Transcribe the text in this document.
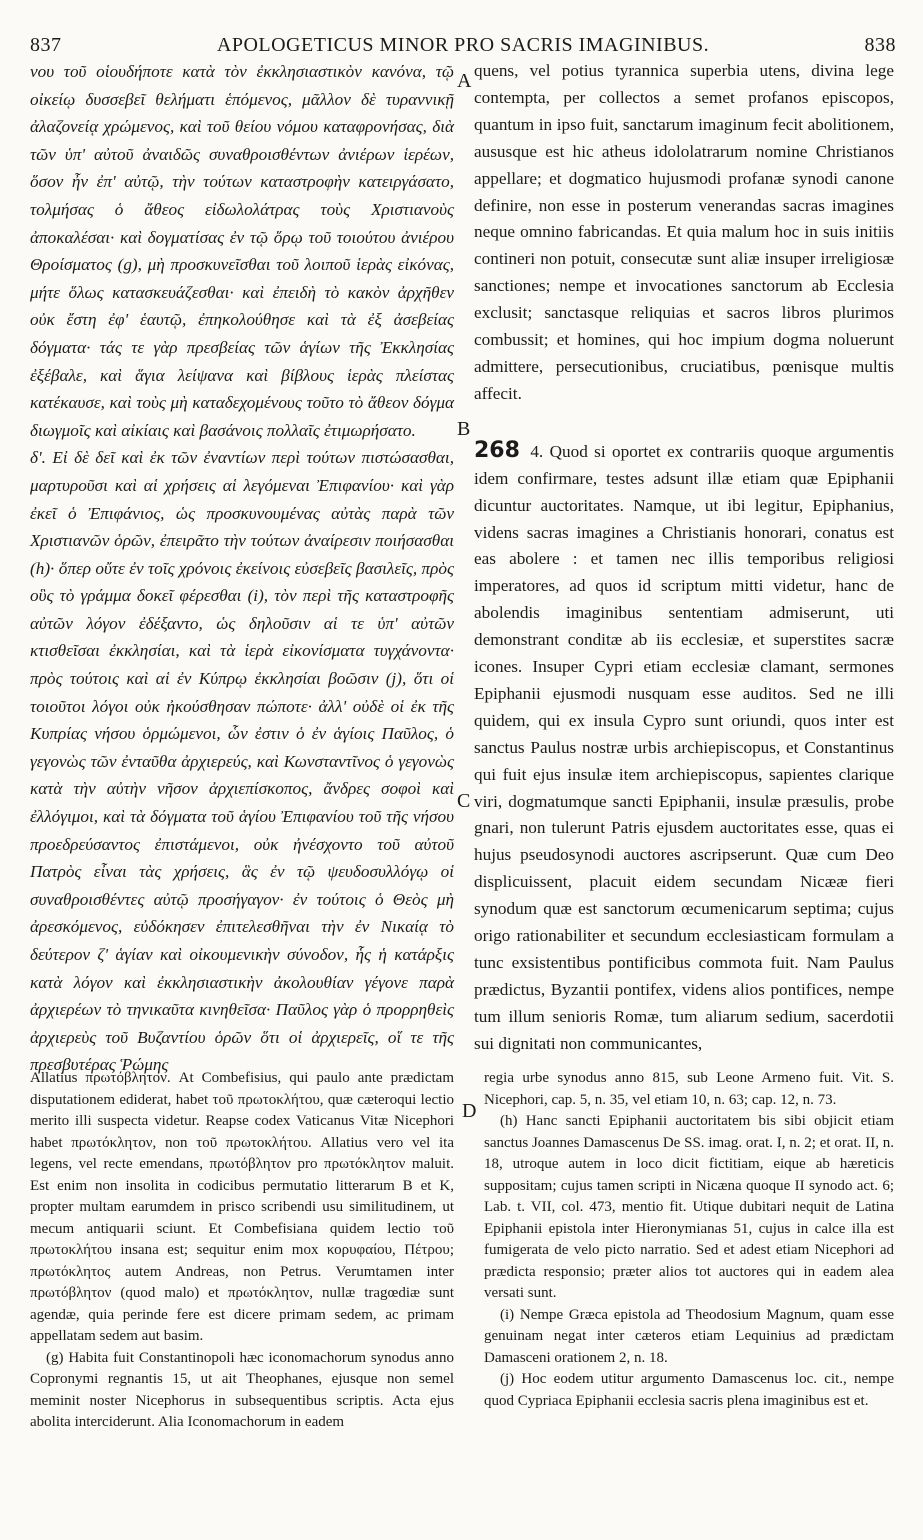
837	APOLOGETICUS MINOR PRO SACRIS IMAGINIBUS.	838

νου τοῦ οἱουδήποτε κατὰ τὸν ἐκκλησιαστικὸν κανόνα, τῷ οἰκείῳ δυσσεβεῖ θελήματι ἑπόμενος, μᾶλλον δὲ τυραννικῇ ἀλαζονείᾳ χρώμενος, καὶ τοῦ θείου νόμου καταφρονήσας, διὰ τῶν ὑπ' αὐτοῦ ἀναιδῶς συναθροισθέντων ἀνιέρων ἱερέων, ὅσον ἦν ἐπ' αὐτῷ, τὴν τούτων καταστροφὴν κατειργάσατο, τολμήσας ὁ ἄθεος εἰδωλολάτρας τοὺς Χριστιανοὺς ἀποκαλέσαι· καὶ δογματίσας ἐν τῷ ὅρῳ τοῦ τοιούτου ἀνιέρου Θροίσματος (g), μὴ προσκυνεῖσθαι τοῦ λοιποῦ ἱερὰς εἰκόνας, μήτε ὅλως κατασκευάζεσθαι· καὶ ἐπειδὴ τὸ κακὸν ἀρχῆθεν οὐκ ἔστη ἐφ' ἑαυτῷ, ἐπηκολούθησε καὶ τὰ ἐξ ἀσεβείας δόγματα· τάς τε γὰρ πρεσβείας τῶν ἁγίων τῆς Ἐκκλησίας ἐξέβαλε, καὶ ἅγια λείψανα καὶ βίβλους ἱερὰς πλείστας κατέκαυσε, καὶ τοὺς μὴ καταδεχομένους τοῦτο τὸ ἄθεον δόγμα διωγμοῖς καὶ αἰκίαις καὶ βασάνοις πολλαῖς ἐτιμωρήσατο.

δ'. Εἰ δὲ δεῖ καὶ ἐκ τῶν ἐναντίων περὶ τούτων πιστώσασθαι, μαρτυροῦσι καὶ αἱ χρήσεις αἱ λεγόμεναι Ἐπιφανίου· καὶ γὰρ ἐκεῖ ὁ Ἐπιφάνιος, ὡς προσκυνουμένας αὐτὰς παρὰ τῶν Χριστιανῶν ὁρῶν, ἐπειρᾶτο τὴν τούτων ἀναίρεσιν ποιήσασθαι (h)· ὅπερ οὔτε ἐν τοῖς χρόνοις ἐκείνοις εὐσεβεῖς βασιλεῖς, πρὸς οὓς τὸ γράμμα δοκεῖ φέρεσθαι (i), τὸν περὶ τῆς καταστροφῆς αὐτῶν λόγον ἐδέξαντο, ὡς δηλοῦσιν αἱ τε ὑπ' αὐτῶν κτισθεῖσαι ἐκκλησίαι, καὶ τὰ ἱερὰ εἰκονίσματα τυγχάνοντα· πρὸς τούτοις καὶ αἱ ἐν Κύπρῳ ἐκκλησίαι βοῶσιν (j), ὅτι οἱ τοιοῦτοι λόγοι οὐκ ἠκούσθησαν πώποτε· ἀλλ' οὐδὲ οἱ ἐκ τῆς Κυπρίας νήσου ὁρμώμενοι, ὧν ἐστιν ὁ ἐν ἁγίοις Παῦλος, ὁ γεγονὼς τῶν ἐνταῦθα ἀρχιερεύς, καὶ Κωνσταντῖνος ὁ γεγονὼς κατὰ τὴν αὐτὴν νῆσον ἀρχιεπίσκοπος, ἄνδρες σοφοὶ καὶ ἐλλόγιμοι, καὶ τὰ δόγματα τοῦ ἁγίου Ἐπιφανίου τοῦ τῆς νήσου προεδρεύσαντος ἐπιστάμενοι, οὐκ ἠνέσχοντο τοῦ αὐτοῦ Πατρὸς εἶναι τὰς χρήσεις, ἃς ἐν τῷ ψευδοσυλλόγῳ οἱ συναθροισθέντες αὐτῷ προσήγαγον· ἐν τούτοις ὁ Θεὸς μὴ ἀρεσκόμενος, εὐδόκησεν ἐπιτελεσθῆναι τὴν ἐν Νικαίᾳ τὸ δεύτερον ζ' ἁγίαν καὶ οἰκουμενικὴν σύνοδον, ἧς ἡ κατάρξις κατὰ λόγον καὶ ἐκκλησιαστικὴν ἀκολουθίαν γέγονε παρὰ ἀρχιερέων τὸ τηνικαῦτα κινηθεῖσα· Παῦλος γὰρ ὁ προρρηθεὶς ἀρχιερεὺς τοῦ Βυζαντίου ὁρῶν ὅτι οἱ ἀρχιερεῖς, οἵ τε τῆς πρεσβυτέρας Ῥώμης

quens, vel potius tyrannica superbia utens, divina lege contempta, per collectos a semet profanos episcopos, quantum in ipso fuit, sanctarum imaginum fecit abolitionem, aususque est hic atheus idololatrarum nomine Christianos appellare; et dogmatico hujusmodi profanæ synodi canone definire, non esse in posterum venerandas sacras imagines neque omnino fabricandas. Et quia malum hoc in suis initiis contineri non potuit, consecutæ sunt aliæ insuper irreligiosæ sanctiones; nempe et invocationes sanctorum ab Ecclesia exclusit; sanctasque reliquias et sacros libros plurimos combussit; et homines, qui hoc impium dogma noluerunt admittere, persecutionibus, cruciatibus, pœnisque multis affecit.

268 4. Quod si oportet ex contrariis quoque argumentis idem confirmare, testes adsunt illæ etiam quæ Epiphanii dicuntur auctoritates. Namque, ut ibi legitur, Epiphanius, videns sacras imagines a Christianis honorari, conatus est eas abolere : et tamen nec illis temporibus religiosi imperatores, ad quos id scriptum mitti videtur, hanc de abolendis imaginibus sententiam admiserunt, uti demonstrant conditæ ab iis ecclesiæ, et superstites sacræ icones. Insuper Cypri etiam ecclesiæ clamant, sermones Epiphanii ejusmodi nusquam esse auditos. Sed ne illi quidem, qui ex insula Cypro sunt oriundi, quos inter est sanctus Paulus nostræ urbis archiepiscopus, et Constantinus qui fuit ejus insulæ item archiepiscopus, sapientes clarique viri, dogmatumque sancti Epiphanii, insulæ præsulis, probe gnari, non tulerunt Patris ejusdem auctoritates esse, quas ei hujus pseudosynodi auctores ascripserunt. Quæ cum Deo displicuissent, placuit eidem secundam Nicææ fieri synodum quæ est sanctorum œcumenicarum septima; cujus origo rationabiliter et secundum ecclesiasticam formulam a tunc exsistentibus pontificibus commota fuit. Nam Paulus prædictus, Byzantii pontifex, videns alios pontifices, nempe tum illum senioris Romæ, tum aliarum sedium, sacerdotii sui dignitati non communicantes,

A
B
C
D

Allatius πρωτόβλητον. At Combefisius, qui paulo ante prædictam disputationem ediderat, habet τοῦ πρωτοκλήτου, quæ cæteroqui lectio merito illi suspecta videtur. Reapse codex Vaticanus Vitæ Nicephori habet πρωτόκλητον, non τοῦ πρωτοκλήτου. Allatius vero vel ita legens, vel recte emendans, πρωτόβλητον pro πρωτόκλητον maluit. Est enim non insolita in codicibus permutatio litterarum B et K, propter multam earumdem in prisco scribendi usu similitudinem, ut mecum antiquarii sciunt. Et Combefisiana quidem lectio τοῦ πρωτοκλήτου insana est; sequitur enim mox κορυφαίου, Πέτρου; πρωτόκλητος autem Andreas, non Petrus. Verumtamen inter πρωτόβλητον (quod malo) et πρωτόκλητον, nullæ tragœdiæ sunt agendæ, quia perinde fere est dicere primam sedem, ac primam appellatam sedem aut basim.

(g) Habita fuit Constantinopoli hæc iconomachorum synodus anno Copronymi regnantis 15, ut ait Theophanes, ejusque non semel meminit noster Nicephorus in subsequentibus scriptis. Acta ejus abolita interciderunt. Alia Iconomachorum in eadem

regia urbe synodus anno 815, sub Leone Armeno fuit. Vit. S. Nicephori, cap. 5, n. 35, vel etiam 10, n. 63; cap. 12, n. 73.

(h) Hanc sancti Epiphanii auctoritatem bis sibi objicit etiam sanctus Joannes Damascenus De SS. imag. orat. I, n. 2; et orat. II, n. 18, utroque autem in loco dicit fictitiam, eique ab hæreticis suppositam; cujus tamen scripti in Nicæna quoque II synodo act. 6; Lab. t. VII, col. 473, mentio fit. Utique dubitari nequit de Latina Epiphanii epistola inter Hieronymianas 51, cujus in calce illa est fumigerata de velo picto narratio. Sed et adest etiam Nicephori ad prædicta responsio; præter alios tot auctores qui in eadem alea versati sunt.

(i) Nempe Græca epistola ad Theodosium Magnum, quam esse genuinam negat inter cæteros etiam Lequinius ad prædictam Damasceni orationem 2, n. 18.

(j) Hoc eodem utitur argumento Damascenus loc. cit., nempe quod Cypriaca Epiphanii ecclesia sacris plena imaginibus est et.
